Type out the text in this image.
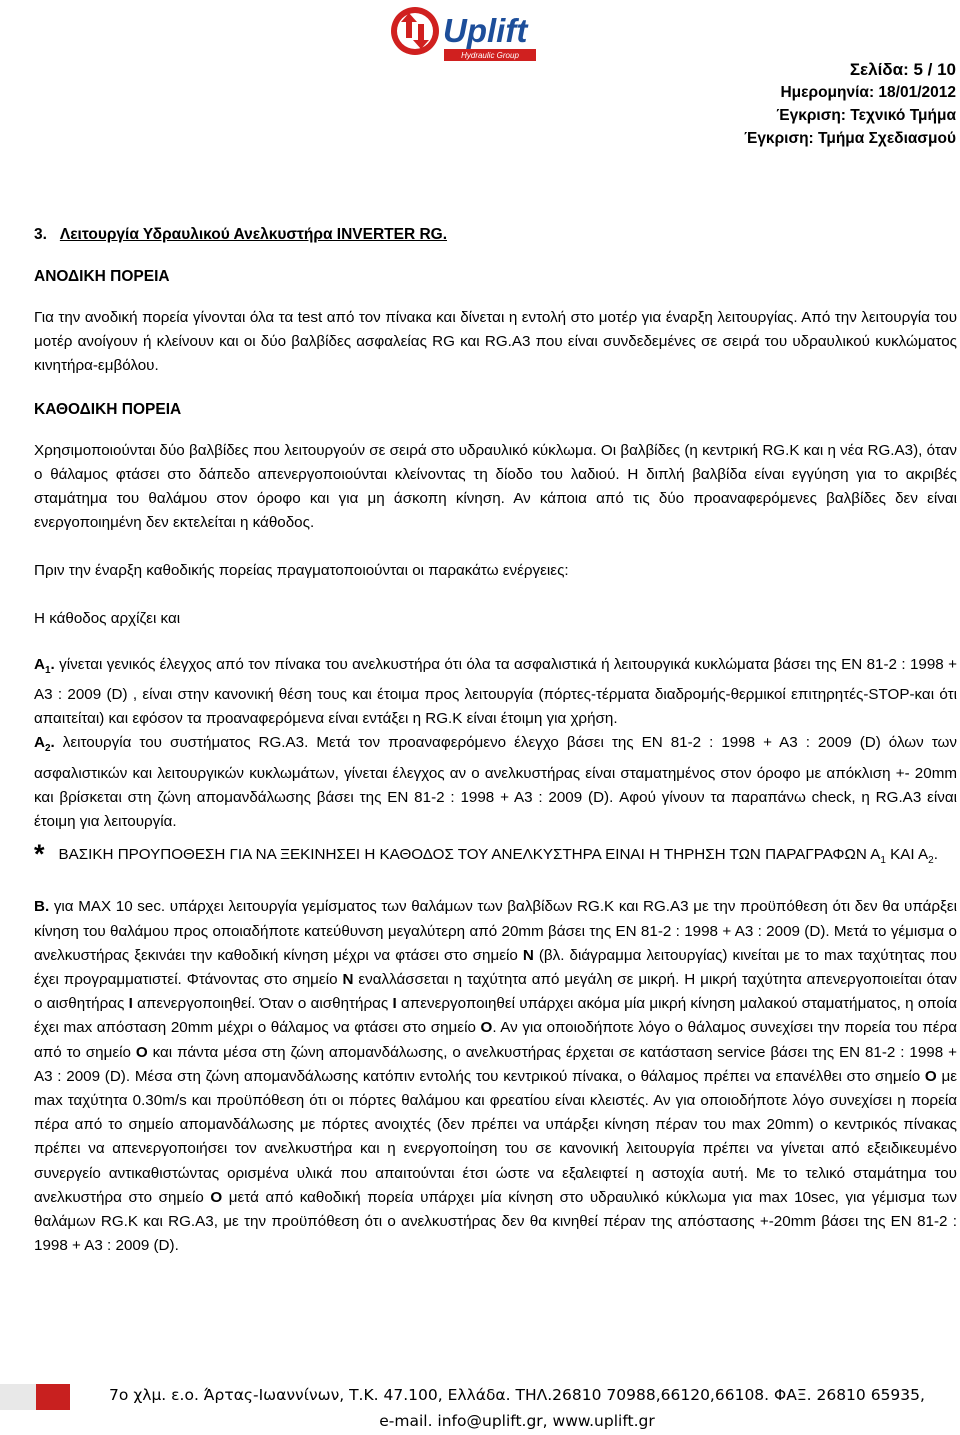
Uplift
Hydraulic Group
Σελίδα: 5 / 10
Ημερομηνία: 18/01/2012
Έγκριση: Τεχνικό Τμήμα
Έγκριση: Τμήμα Σχεδιασμού

3. Λειτουργία Υδραυλικού Ανελκυστήρα INVERTER RG.

ΑΝΟΔΙΚΗ ΠΟΡΕΙΑ

Για την ανοδική πορεία γίνονται όλα τα test από τον πίνακα και δίνεται η εντολή στο μοτέρ για έναρξη λειτουργίας. Από την λειτουργία του μοτέρ ανοίγουν ή κλείνουν και οι δύο βαλβίδες ασφαλείας RG και RG.A3 που είναι συνδεδεμένες σε σειρά του υδραυλικού κυκλώματος κινητήρα-εμβόλου.

ΚΑΘΟΔΙΚΗ ΠΟΡΕΙΑ

Χρησιμοποιούνται δύο βαλβίδες που λειτουργούν σε σειρά στο υδραυλικό κύκλωμα. Οι βαλβίδες (η κεντρική RG.K και η νέα RG.A3), όταν ο θάλαμος φτάσει στο δάπεδο απενεργοποιούνται κλείνοντας τη δίοδο του λαδιού. Η διπλή βαλβίδα είναι εγγύηση για το ακριβές σταμάτημα του θαλάμου στον όροφο και για μη άσκοπη κίνηση. Αν κάποια από τις δύο προαναφερόμενες βαλβίδες δεν είναι ενεργοποιημένη δεν εκτελείται η κάθοδος.

Πριν την έναρξη καθοδικής πορείας πραγματοποιούνται οι παρακάτω ενέργειες:

Η κάθοδος αρχίζει και

$A_1$. γίνεται γενικός έλεγχος από τον πίνακα του ανελκυστήρα ότι όλα τα ασφαλιστικά ή λειτουργικά κυκλώματα βάσει της EN 81-2 : 1998 + A3 : 2009 (D) , είναι στην κανονική θέση τους και έτοιμα προς λειτουργία (πόρτες-τέρματα διαδρομής-θερμικοί επιτηρητές-STOP-και ότι απαιτείται) και εφόσον τα προαναφερόμενα είναι εντάξει η RG.K είναι έτοιμη για χρήση.

$A_2$. λειτουργία του συστήματος RG.A3. Μετά τον προαναφερόμενο έλεγχο βάσει της EN 81-2 : 1998 + A3 : 2009 (D) όλων των ασφαλιστικών και λειτουργικών κυκλωμάτων, γίνεται έλεγχος αν ο ανελκυστήρας είναι σταματημένος στον όροφο με απόκλιση +- 20mm και βρίσκεται στη ζώνη απομανδάλωσης βάσει της EN 81-2 : 1998 + A3 : 2009 (D). Αφού γίνουν τα παραπάνω check, η RG.A3 είναι έτοιμη για λειτουργία.

* ΒΑΣΙΚΗ ΠΡΟΥΠΟΘΕΣΗ ΓΙΑ ΝΑ ΞΕΚΙΝΗΣΕΙ Η ΚΑΘΟΔΟΣ ΤΟΥ ΑΝΕΛΚΥΣΤΗΡΑ ΕΙΝΑΙ Η ΤΗΡΗΣΗ ΤΩΝ ΠΑΡΑΓΡΑΦΩΝ $A_1$ ΚΑΙ $A_2$.

B. για MAX 10 sec. υπάρχει λειτουργία γεμίσματος των θαλάμων των βαλβίδων RG.K και RG.A3 με την προϋπόθεση ότι δεν θα υπάρξει κίνηση του θαλάμου προς οποιαδήποτε κατεύθυνση μεγαλύτερη από 20mm βάσει της EN 81-2 : 1998 + A3 : 2009 (D). Μετά το γέμισμα ο ανελκυστήρας ξεκινάει την καθοδική κίνηση μέχρι να φτάσει στο σημείο Ν (βλ. διάγραμμα λειτουργίας) κινείται με το max ταχύτητας που έχει προγραμματιστεί. Φτάνοντας στο σημείο Ν εναλλάσσεται η ταχύτητα από μεγάλη σε μικρή. Η μικρή ταχύτητα απενεργοποιείται όταν ο αισθητήρας Ι απενεργοποιηθεί. Όταν ο αισθητήρας Ι απενεργοποιηθεί υπάρχει ακόμα μία μικρή κίνηση μαλακού σταματήματος, η οποία έχει max απόσταση 20mm μέχρι ο θάλαμος να φτάσει στο σημείο Ο. Αν για οποιοδήποτε λόγο ο θάλαμος συνεχίσει την πορεία του πέρα από το σημείο Ο και πάντα μέσα στη ζώνη απομανδάλωσης, ο ανελκυστήρας έρχεται σε κατάσταση service βάσει της EN 81-2 : 1998 + A3 : 2009 (D). Μέσα στη ζώνη απομανδάλωσης κατόπιν εντολής του κεντρικού πίνακα, ο θάλαμος πρέπει να επανέλθει στο σημείο Ο με max ταχύτητα 0.30m/s και προϋπόθεση ότι οι πόρτες θαλάμου και φρεατίου είναι κλειστές. Αν για οποιοδήποτε λόγο συνεχίσει η πορεία πέρα από το σημείο απομανδάλωσης με πόρτες ανοιχτές (δεν πρέπει να υπάρξει κίνηση πέραν του max 20mm) ο κεντρικός πίνακας πρέπει να απενεργοποιήσει τον ανελκυστήρα και η ενεργοποίηση του σε κανονική λειτουργία πρέπει να γίνεται από εξειδικευμένο συνεργείο αντικαθιστώντας ορισμένα υλικά που απαιτούνται έτσι ώστε να εξαλειφτεί η αστοχία αυτή. Με το τελικό σταμάτημα του ανελκυστήρα στο σημείο Ο μετά από καθοδική πορεία υπάρχει μία κίνηση στο υδραυλικό κύκλωμα για max 10sec, για γέμισμα των θαλάμων RG.K και RG.A3, με την προϋπόθεση ότι ο ανελκυστήρας δεν θα κινηθεί πέραν της απόστασης +-20mm βάσει της EN 81-2 : 1998 + A3 : 2009 (D).

7ο χλμ. ε.ο. Άρτας-Ιωαννίνων, Τ.Κ. 47.100, Ελλάδα. ΤΗΛ.26810 70988,66120,66108. ΦΑΞ. 26810 65935,
e-mail. info@uplift.gr, www.uplift.gr
